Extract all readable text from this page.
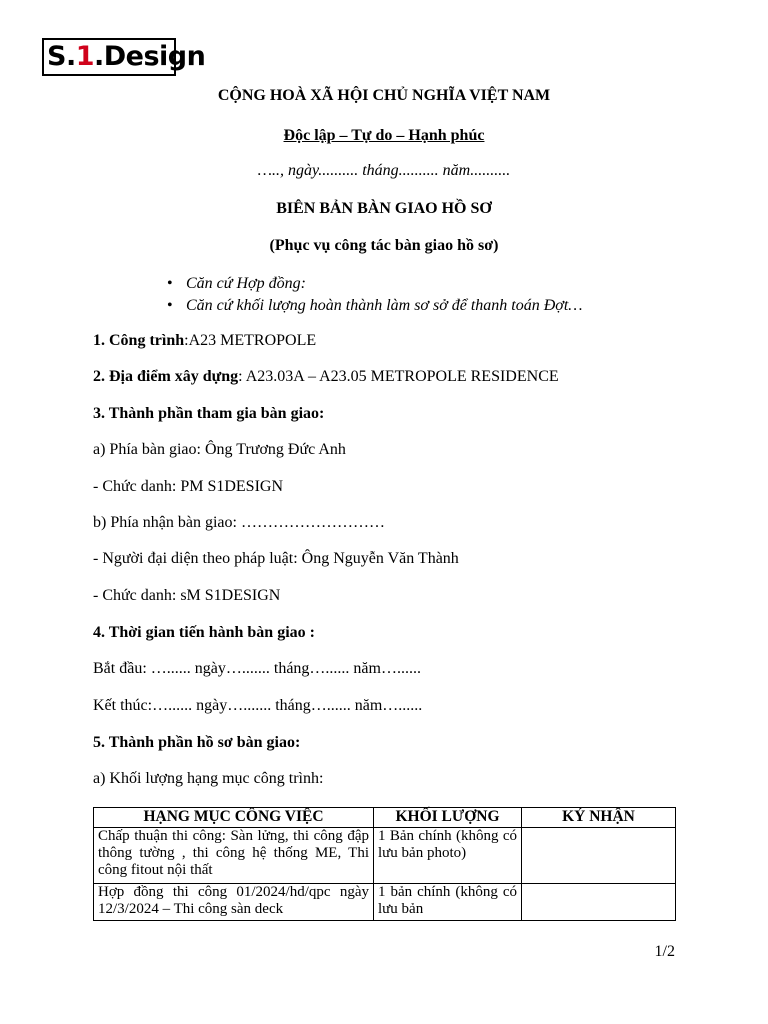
S.1.Design
CỘNG HOÀ XÃ HỘI CHỦ NGHĨA VIỆT NAM
Độc lập – Tự do – Hạnh phúc
….., ngày.......... tháng.......... năm..........
BIÊN BẢN BÀN GIAO HỒ SƠ
(Phục vụ công tác bàn giao hồ sơ)
• Căn cứ Hợp đồng:
• Căn cứ khối lượng hoàn thành làm sơ sở để thanh toán Đợt…
1. Công trình:A23 METROPOLE
2. Địa điểm xây dựng: A23.03A – A23.05 METROPOLE RESIDENCE
3. Thành phần tham gia bàn giao:
a) Phía bàn giao: Ông Trương Đức Anh
- Chức danh: PM S1DESIGN
b) Phía nhận bàn giao: ………………………
- Người đại diện theo pháp luật: Ông Nguyễn Văn Thành
- Chức danh: sM S1DESIGN
4. Thời gian tiến hành bàn giao :
Bắt đầu: …...... ngày…....... tháng…...... năm…......
Kết thúc:…...... ngày…....... tháng…...... năm…......
5. Thành phần hồ sơ bàn giao:
a) Khối lượng hạng mục công trình:
HẠNG MỤC CÔNG VIỆC	KHỐI LƯỢNG	KÝ NHẬN
Chấp thuận thi công: Sàn lửng, thi công đập thông tường , thi công hệ thống ME, Thi công fitout nội thất	1 Bản chính (không có lưu bản photo)	
Hợp đồng thi công 01/2024/hd/qpc ngày 12/3/2024 – Thi công sàn deck	1 bản chính (không có lưu bản	
1/2
